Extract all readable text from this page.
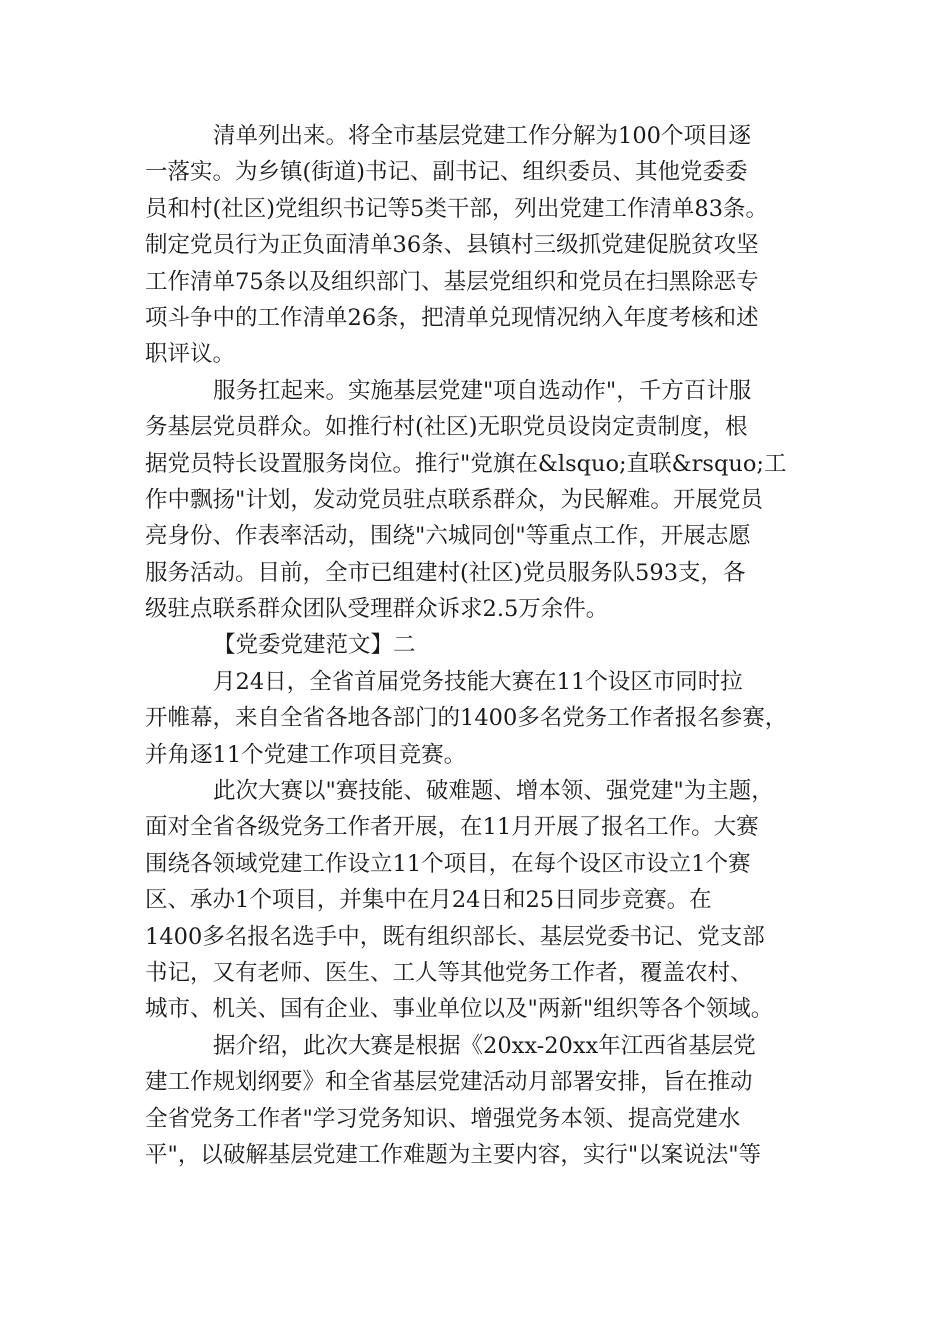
清单列出来。将全市基层党建工作分解为100个项目逐
一落实。为乡镇(街道)书记、副书记、组织委员、其他党委委
员和村(社区)党组织书记等5类干部，列出党建工作清单83条。
制定党员行为正负面清单36条、县镇村三级抓党建促脱贫攻坚
工作清单75条以及组织部门、基层党组织和党员在扫黑除恶专
项斗争中的工作清单26条，把清单兑现情况纳入年度考核和述
职评议。
服务扛起来。实施基层党建"项自选动作"，千方百计服
务基层党员群众。如推行村(社区)无职党员设岗定责制度，根
据党员特长设置服务岗位。推行"党旗在&lsquo;直联&rsquo;工
作中飘扬"计划，发动党员驻点联系群众，为民解难。开展党员
亮身份、作表率活动，围绕"六城同创"等重点工作，开展志愿
服务活动。目前，全市已组建村(社区)党员服务队593支，各
级驻点联系群众团队受理群众诉求2.5万余件。
【党委党建范文】二
月24日，全省首届党务技能大赛在11个设区市同时拉
开帷幕，来自全省各地各部门的1400多名党务工作者报名参赛，
并角逐11个党建工作项目竞赛。
此次大赛以"赛技能、破难题、增本领、强党建"为主题，
面对全省各级党务工作者开展，在11月开展了报名工作。大赛
围绕各领域党建工作设立11个项目，在每个设区市设立1个赛
区、承办1个项目，并集中在月24日和25日同步竞赛。在
1400多名报名选手中，既有组织部长、基层党委书记、党支部
书记，又有老师、医生、工人等其他党务工作者，覆盖农村、
城市、机关、国有企业、事业单位以及"两新"组织等各个领域。
据介绍，此次大赛是根据《20xx-20xx年江西省基层党
建工作规划纲要》和全省基层党建活动月部署安排，旨在推动
全省党务工作者"学习党务知识、增强党务本领、提高党建水
平"，以破解基层党建工作难题为主要内容，实行"以案说法"等
